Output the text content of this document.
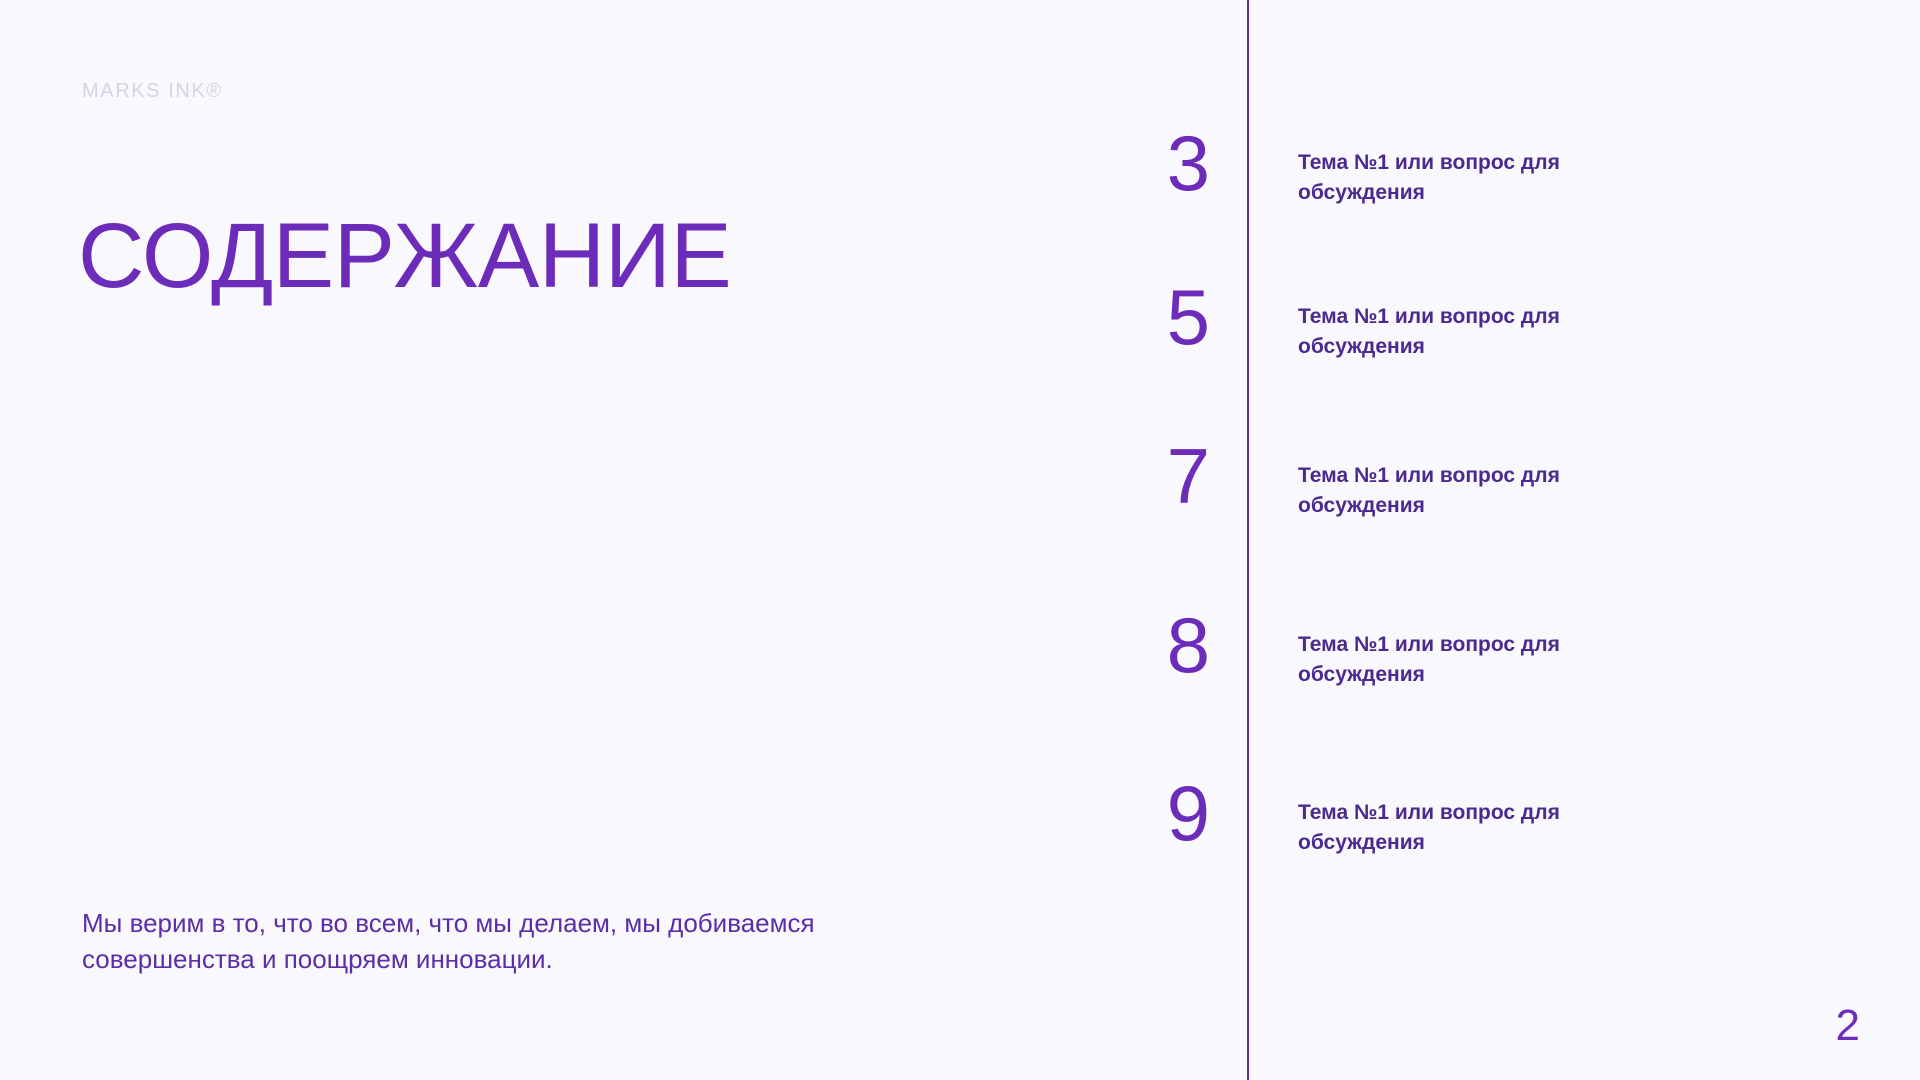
MARKS INK®
СОДЕРЖАНИЕ

Мы верим в то, что во всем, что мы делаем, мы добиваемся совершенства и поощряем инновации.

3	Тема №1 или вопрос для обсуждения
5	Тема №1 или вопрос для обсуждения
7	Тема №1 или вопрос для обсуждения
8	Тема №1 или вопрос для обсуждения
9	Тема №1 или вопрос для обсуждения
2
